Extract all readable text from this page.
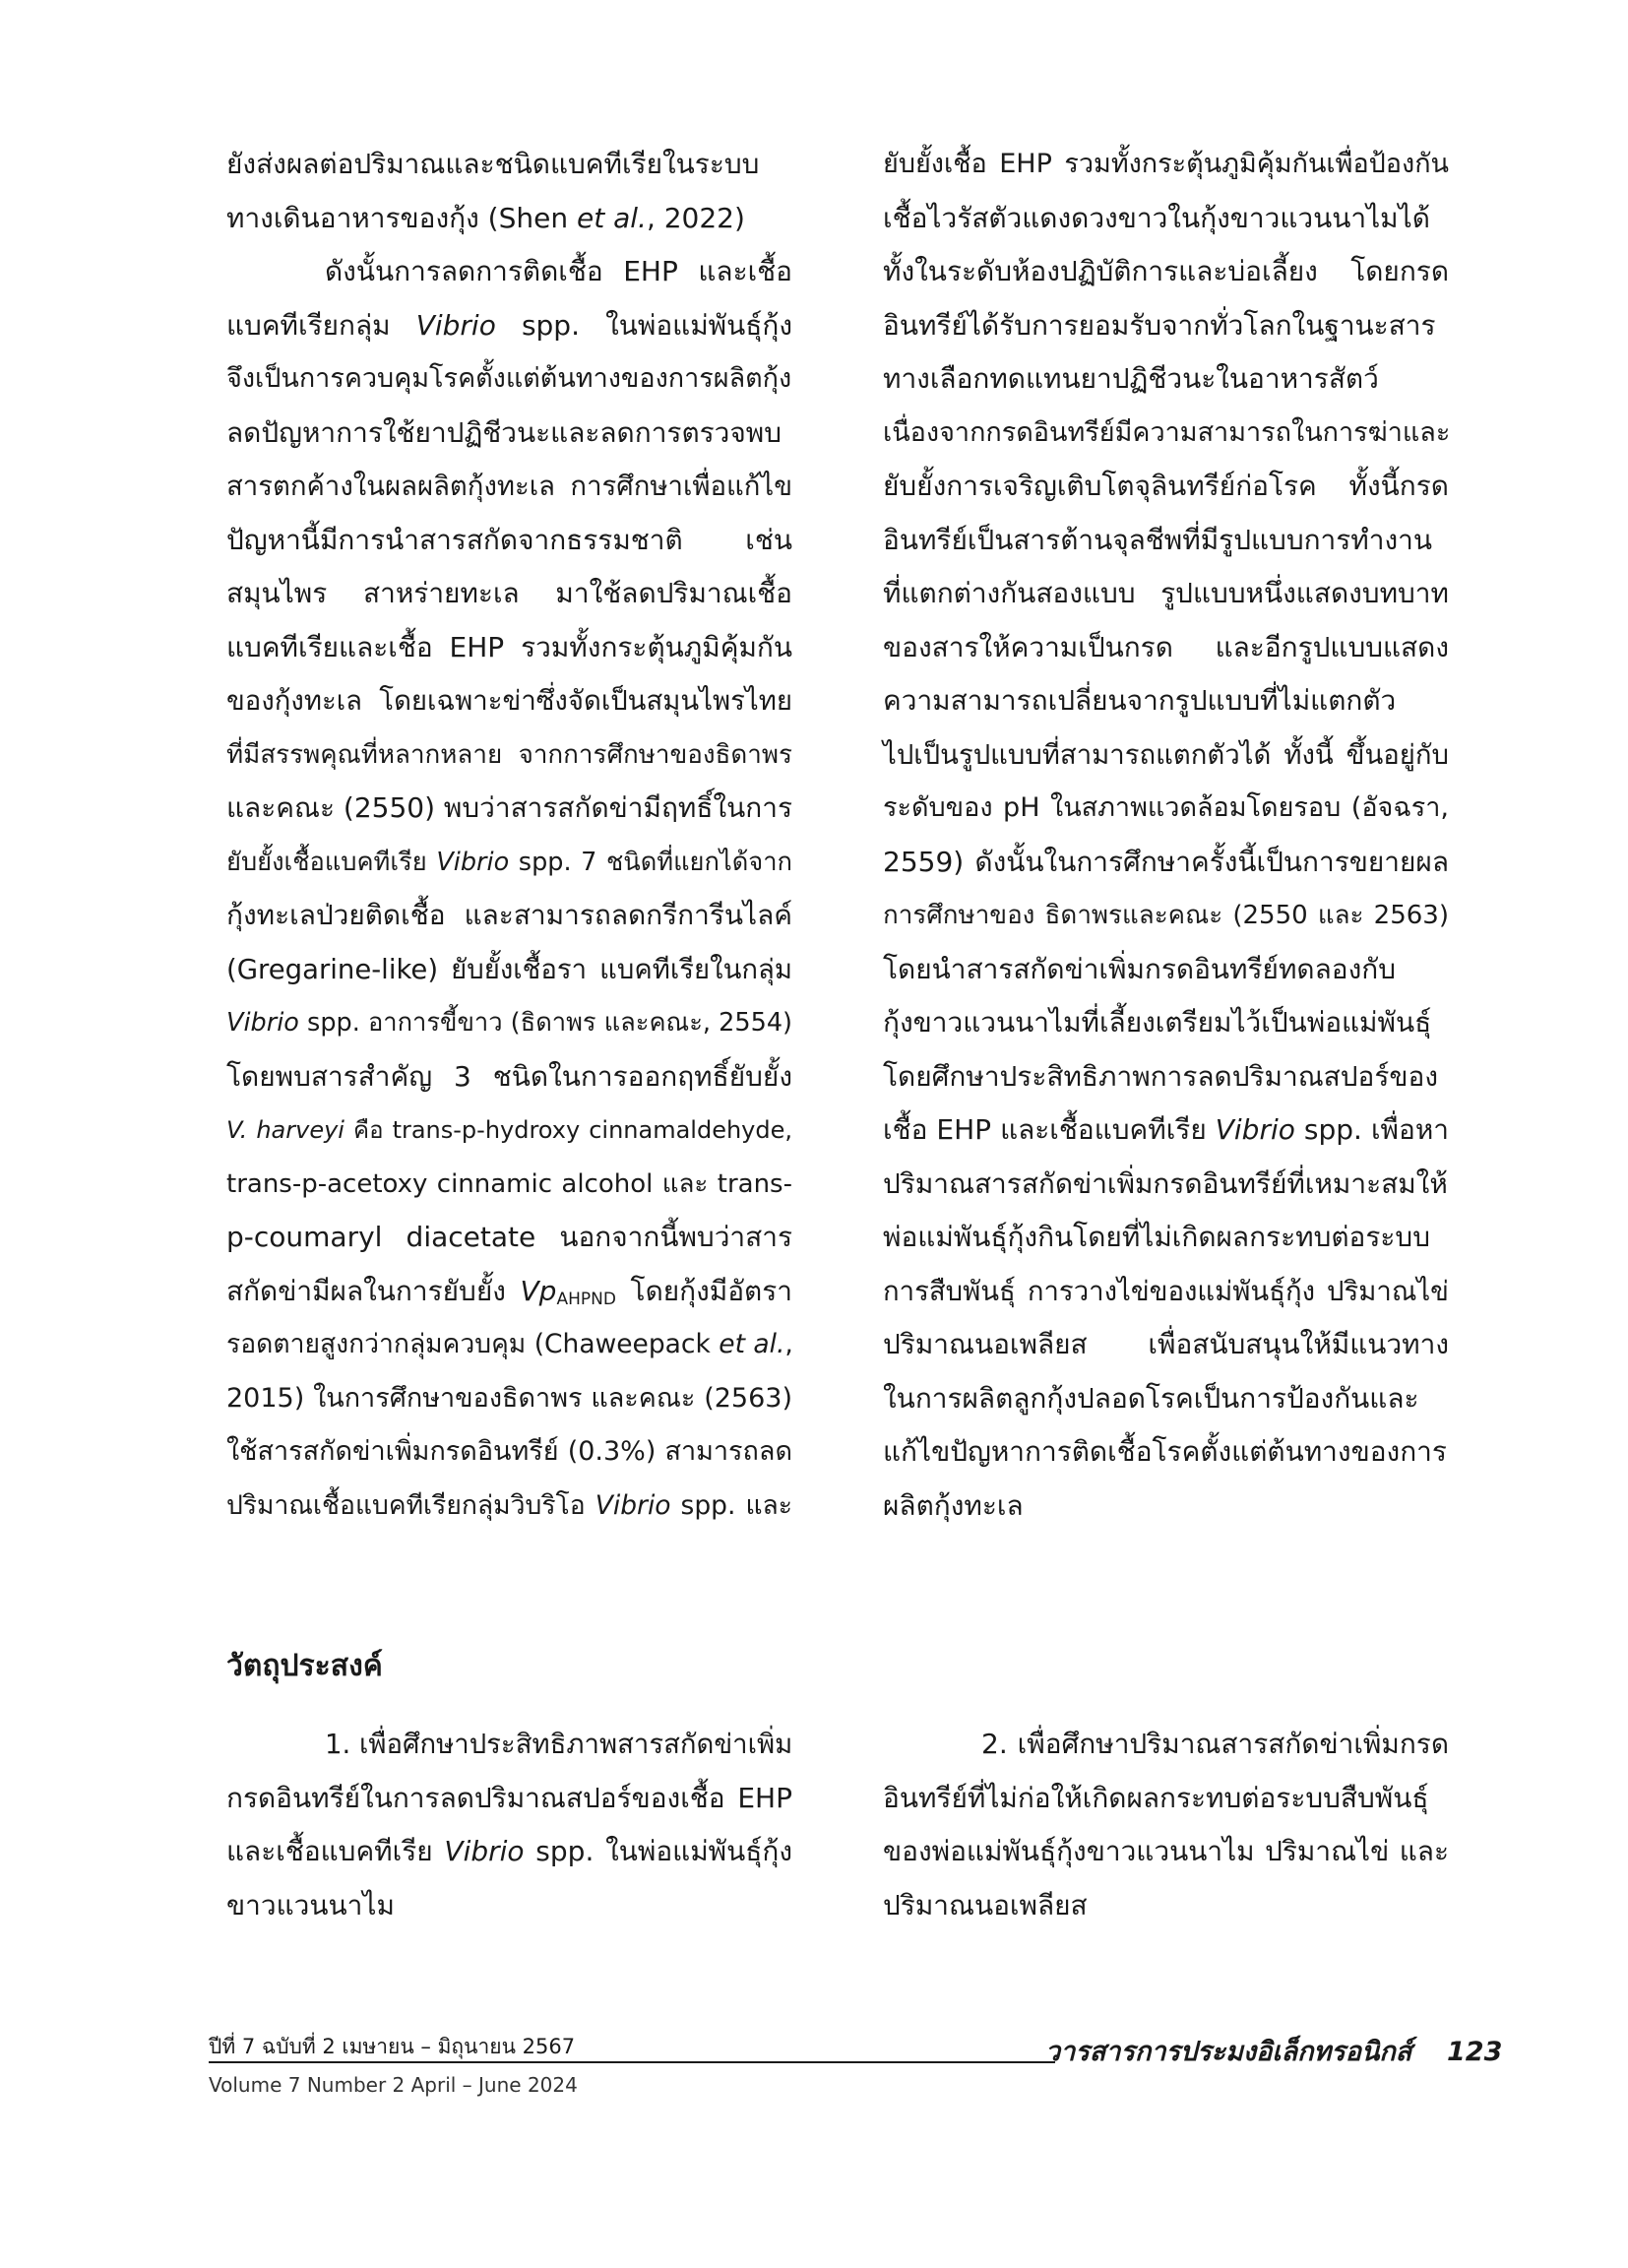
ยังส่งผลต่อปริมาณและชนิดแบคทีเรียในระบบ
ทางเดินอาหารของกุ้ง (Shen et al., 2022)
ดังนั้นการลดการติดเชื้อ EHP และเชื้อ
แบคทีเรียกลุ่ม Vibrio spp. ในพ่อแม่พันธุ์กุ้ง
จึงเป็นการควบคุมโรคตั้งแต่ต้นทางของการผลิตกุ้ง
ลดปัญหาการใช้ยาปฏิชีวนะและลดการตรวจพบ
สารตกค้างในผลผลิตกุ้งทะเล การศึกษาเพื่อแก้ไข
ปัญหานี้มีการนำสารสกัดจากธรรมชาติ เช่น
สมุนไพร สาหร่ายทะเล มาใช้ลดปริมาณเชื้อ
แบคทีเรียและเชื้อ EHP รวมทั้งกระตุ้นภูมิคุ้มกัน
ของกุ้งทะเล โดยเฉพาะข่าซึ่งจัดเป็นสมุนไพรไทย
ที่มีสรรพคุณที่หลากหลาย จากการศึกษาของธิดาพร
และคณะ (2550) พบว่าสารสกัดข่ามีฤทธิ์ในการ
ยับยั้งเชื้อแบคทีเรีย Vibrio spp. 7 ชนิดที่แยกได้จาก
กุ้งทะเลป่วยติดเชื้อ และสามารถลดกรีการีนไลค์
(Gregarine-like) ยับยั้งเชื้อรา แบคทีเรียในกลุ่ม
Vibrio spp. อาการขี้ขาว (ธิดาพร และคณะ, 2554)
โดยพบสารสำคัญ 3 ชนิดในการออกฤทธิ์ยับยั้ง
V. harveyi คือ trans-p-hydroxy cinnamaldehyde,
trans-p-acetoxy cinnamic alcohol และ trans-
p-coumaryl diacetate นอกจากนี้พบว่าสาร
สกัดข่ามีผลในการยับยั้ง $Vp_{AHPND}$ โดยกุ้งมีอัตรา
รอดตายสูงกว่ากลุ่มควบคุม (Chaweepack et al.,
2015) ในการศึกษาของธิดาพร และคณะ (2563)
ใช้สารสกัดข่าเพิ่มกรดอินทรีย์ (0.3%) สามารถลด
ปริมาณเชื้อแบคทีเรียกลุ่มวิบริโอ Vibrio spp. และ
ยับยั้งเชื้อ EHP รวมทั้งกระตุ้นภูมิคุ้มกันเพื่อป้องกัน
เชื้อไวรัสตัวแดงดวงขาวในกุ้งขาวแวนนาไมได้
ทั้งในระดับห้องปฏิบัติการและบ่อเลี้ยง โดยกรด
อินทรีย์ได้รับการยอมรับจากทั่วโลกในฐานะสาร
ทางเลือกทดแทนยาปฏิชีวนะในอาหารสัตว์
เนื่องจากกรดอินทรีย์มีความสามารถในการฆ่าและ
ยับยั้งการเจริญเติบโตจุลินทรีย์ก่อโรค ทั้งนี้กรด
อินทรีย์เป็นสารต้านจุลชีพที่มีรูปแบบการทำงาน
ที่แตกต่างกันสองแบบ รูปแบบหนึ่งแสดงบทบาท
ของสารให้ความเป็นกรด และอีกรูปแบบแสดง
ความสามารถเปลี่ยนจากรูปแบบที่ไม่แตกตัว
ไปเป็นรูปแบบที่สามารถแตกตัวได้ ทั้งนี้ ขึ้นอยู่กับ
ระดับของ pH ในสภาพแวดล้อมโดยรอบ (อัจฉรา,
2559) ดังนั้นในการศึกษาครั้งนี้เป็นการขยายผล
การศึกษาของ ธิดาพรและคณะ (2550 และ 2563)
โดยนำสารสกัดข่าเพิ่มกรดอินทรีย์ทดลองกับ
กุ้งขาวแวนนาไมที่เลี้ยงเตรียมไว้เป็นพ่อแม่พันธุ์
โดยศึกษาประสิทธิภาพการลดปริมาณสปอร์ของ
เชื้อ EHP และเชื้อแบคทีเรีย Vibrio spp. เพื่อหา
ปริมาณสารสกัดข่าเพิ่มกรดอินทรีย์ที่เหมาะสมให้
พ่อแม่พันธุ์กุ้งกินโดยที่ไม่เกิดผลกระทบต่อระบบ
การสืบพันธุ์ การวางไข่ของแม่พันธุ์กุ้ง ปริมาณไข่
ปริมาณนอเพลียส เพื่อสนับสนุนให้มีแนวทาง
ในการผลิตลูกกุ้งปลอดโรคเป็นการป้องกันและ
แก้ไขปัญหาการติดเชื้อโรคตั้งแต่ต้นทางของการ
ผลิตกุ้งทะเล
วัตถุประสงค์
1. เพื่อศึกษาประสิทธิภาพสารสกัดข่าเพิ่ม
กรดอินทรีย์ในการลดปริมาณสปอร์ของเชื้อ EHP
และเชื้อแบคทีเรีย Vibrio spp. ในพ่อแม่พันธุ์กุ้ง
ขาวแวนนาไม
2. เพื่อศึกษาปริมาณสารสกัดข่าเพิ่มกรด
อินทรีย์ที่ไม่ก่อให้เกิดผลกระทบต่อระบบสืบพันธุ์
ของพ่อแม่พันธุ์กุ้งขาวแวนนาไม ปริมาณไข่ และ
ปริมาณนอเพลียส

ปีที่ 7 ฉบับที่ 2 เมษายน – มิถุนายน 2567

Volume 7 Number 2 April – June 2024

วารสารการประมงอิเล็กทรอนิกส์ 123
